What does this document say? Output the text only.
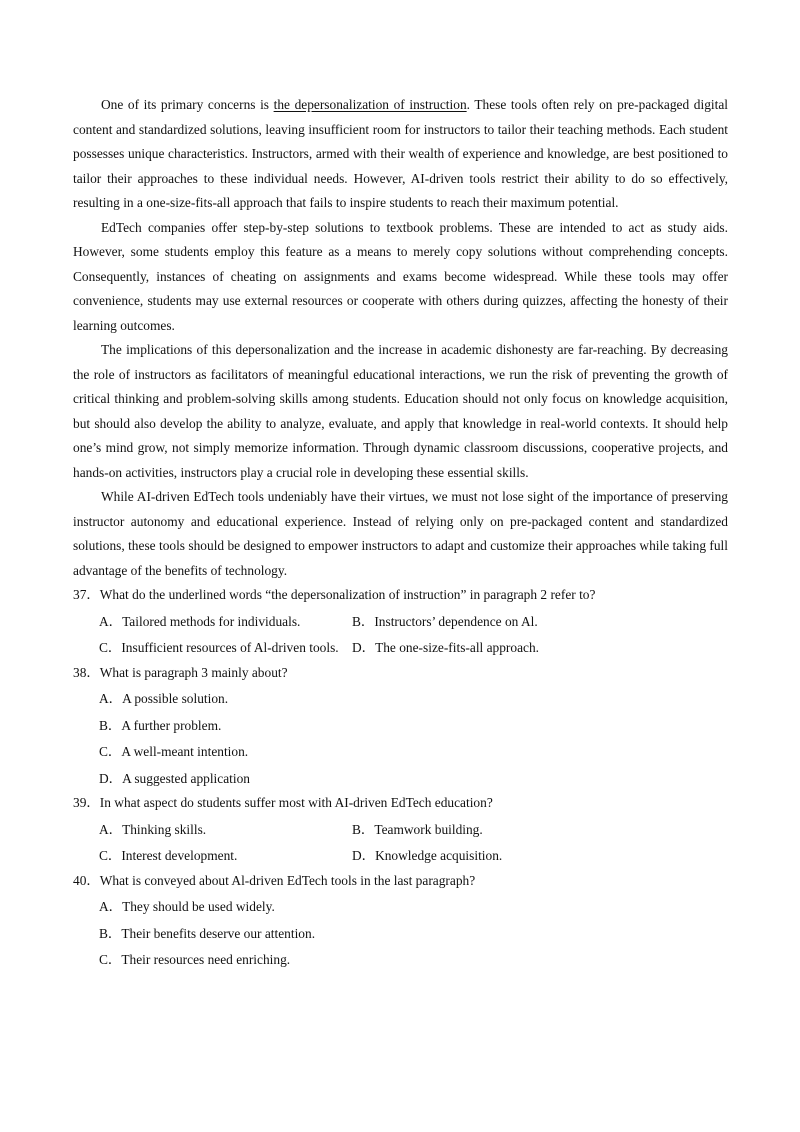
One of its primary concerns is the depersonalization of instruction. These tools often rely on pre-packaged digital content and standardized solutions, leaving insufficient room for instructors to tailor their teaching methods. Each student possesses unique characteristics. Instructors, armed with their wealth of experience and knowledge, are best positioned to tailor their approaches to these individual needs. However, AI-driven tools restrict their ability to do so effectively, resulting in a one-size-fits-all approach that fails to inspire students to reach their maximum potential.

EdTech companies offer step-by-step solutions to textbook problems. These are intended to act as study aids. However, some students employ this feature as a means to merely copy solutions without comprehending concepts. Consequently, instances of cheating on assignments and exams become widespread. While these tools may offer convenience, students may use external resources or cooperate with others during quizzes, affecting the honesty of their learning outcomes.

The implications of this depersonalization and the increase in academic dishonesty are far-reaching. By decreasing the role of instructors as facilitators of meaningful educational interactions, we run the risk of preventing the growth of critical thinking and problem-solving skills among students. Education should not only focus on knowledge acquisition, but should also develop the ability to analyze, evaluate, and apply that knowledge in real-world contexts. It should help one’s mind grow, not simply memorize information. Through dynamic classroom discussions, cooperative projects, and hands-on activities, instructors play a crucial role in developing these essential skills.

While AI-driven EdTech tools undeniably have their virtues, we must not lose sight of the importance of preserving instructor autonomy and educational experience. Instead of relying only on pre-packaged content and standardized solutions, these tools should be designed to empower instructors to adapt and customize their approaches while taking full advantage of the benefits of technology.

37．What do the underlined words “the depersonalization of instruction” in paragraph 2 refer to?
A．Tailored methods for individuals.	B．Instructors’ dependence on Al.
C．Insufficient resources of Al-driven tools. D．The one-size-fits-all approach.
38．What is paragraph 3 mainly about?
A．A possible solution.
B．A further problem.
C．A well-meant intention.
D．A suggested application
39．In what aspect do students suffer most with AI-driven EdTech education?
A．Thinking skills.	B．Teamwork building.
C．Interest development.	D．Knowledge acquisition.
40．What is conveyed about Al-driven EdTech tools in the last paragraph?
A．They should be used widely.
B．Their benefits deserve our attention.
C．Their resources need enriching.
